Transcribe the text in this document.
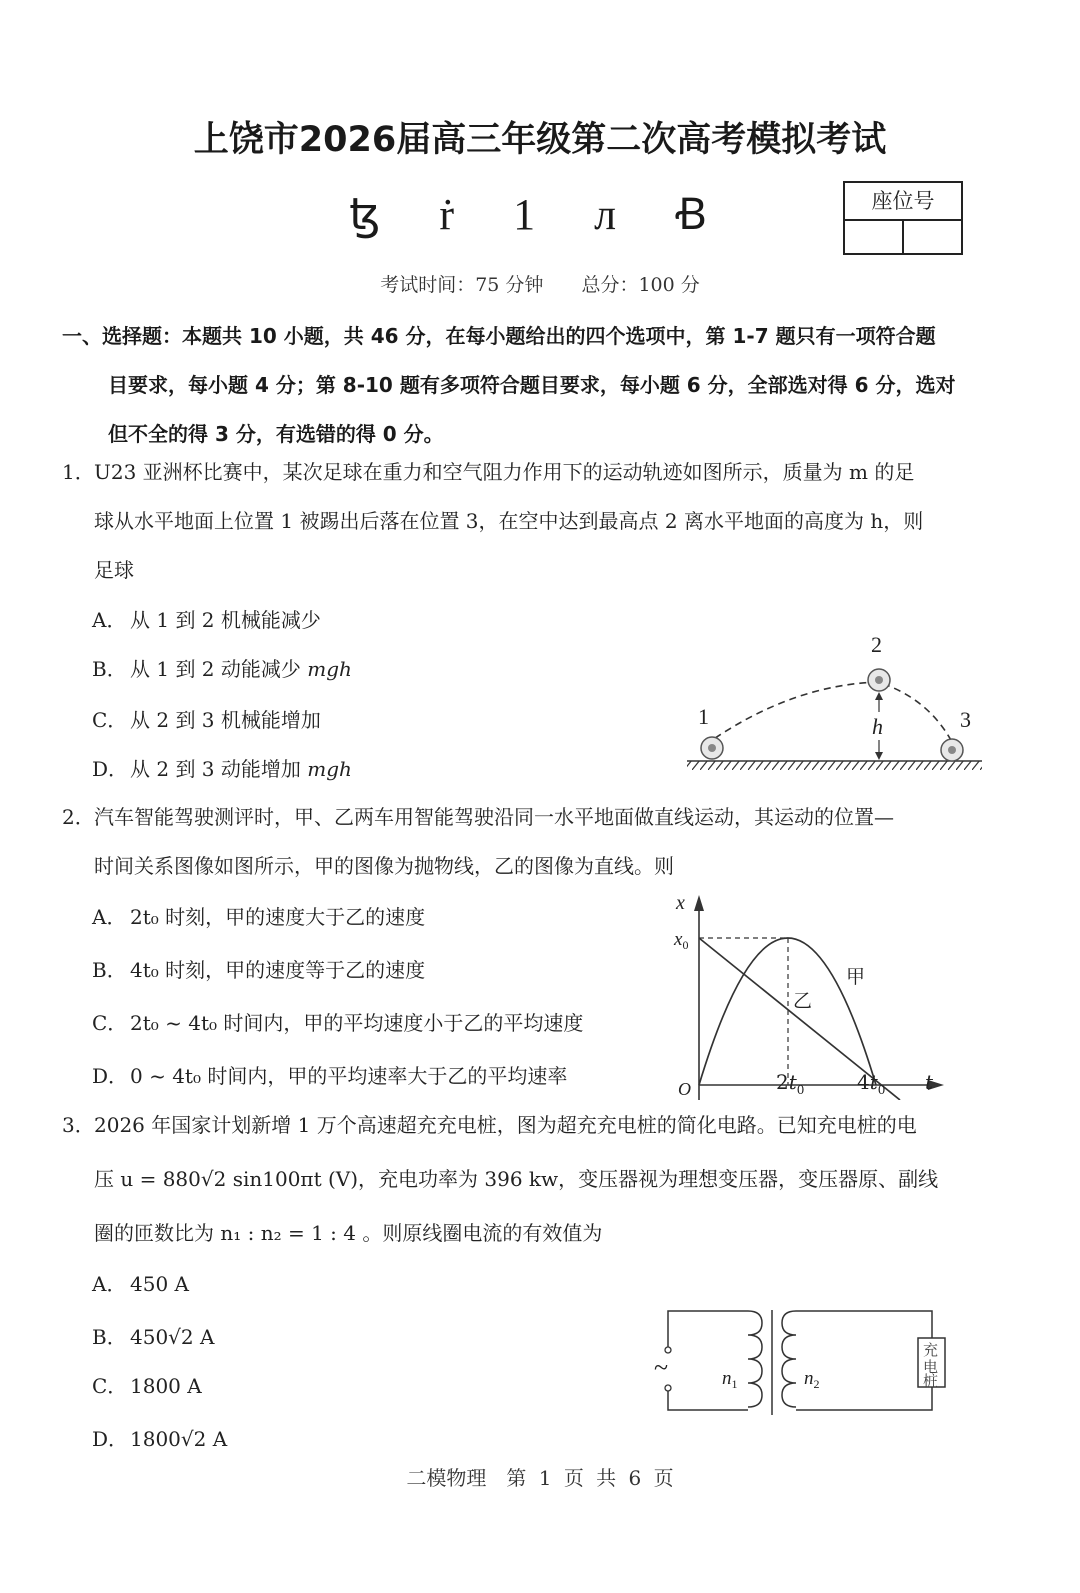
上饶市2026届高三年级第二次高考模拟考试
ꜩ ṙ 1 л Ꞗ	座位号
考试时间：75 分钟 总分：100 分
一、选择题：本题共 10 小题，共 46 分，在每小题给出的四个选项中，第 1-7 题只有一项符合题
目要求，每小题 4 分；第 8-10 题有多项符合题目要求，每小题 6 分，全部选对得 6 分，选对
但不全的得 3 分，有选错的得 0 分。
1． U23 亚洲杯比赛中，某次足球在重力和空气阻力作用下的运动轨迹如图所示，质量为 m 的足
球从水平地面上位置 1 被踢出后落在位置 3，在空中达到最高点 2 离水平地面的高度为 h，则
足球
A． 从 1 到 2 机械能减少
B． 从 1 到 2 动能减少 mgh
C． 从 2 到 3 机械能增加
D．从 2 到 3 动能增加 mgh
1
2
3
h
2． 汽车智能驾驶测评时，甲、乙两车用智能驾驶沿同一水平地面做直线运动，其运动的位置—
时间关系图像如图所示，甲的图像为抛物线，乙的图像为直线。则
A． 2t₀ 时刻，甲的速度大于乙的速度
B． 4t₀ 时刻，甲的速度等于乙的速度
C． 2t₀ ~ 4t₀ 时间内，甲的平均速度小于乙的平均速度
D．0 ~ 4t₀ 时间内，甲的平均速率大于乙的平均速率
x
$x_0$
O
甲
乙
$2t_0$	$4t_0$ t
3． 2026 年国家计划新增 1 万个高速超充充电桩，图为超充充电桩的简化电路。已知充电桩的电
压 u = 880√2 sin100πt (V)，充电功率为 396 kw，变压器视为理想变压器，变压器原、副线
圈的匝数比为 n₁ : n₂ = 1 : 4 。则原线圈电流的有效值为
A． 450 A
B． 450√2 A
C． 1800 A
D．1800√2 A
~
充
电
桩
$n_1$	$n_2$
二模物理　第 1 页 共 6 页
